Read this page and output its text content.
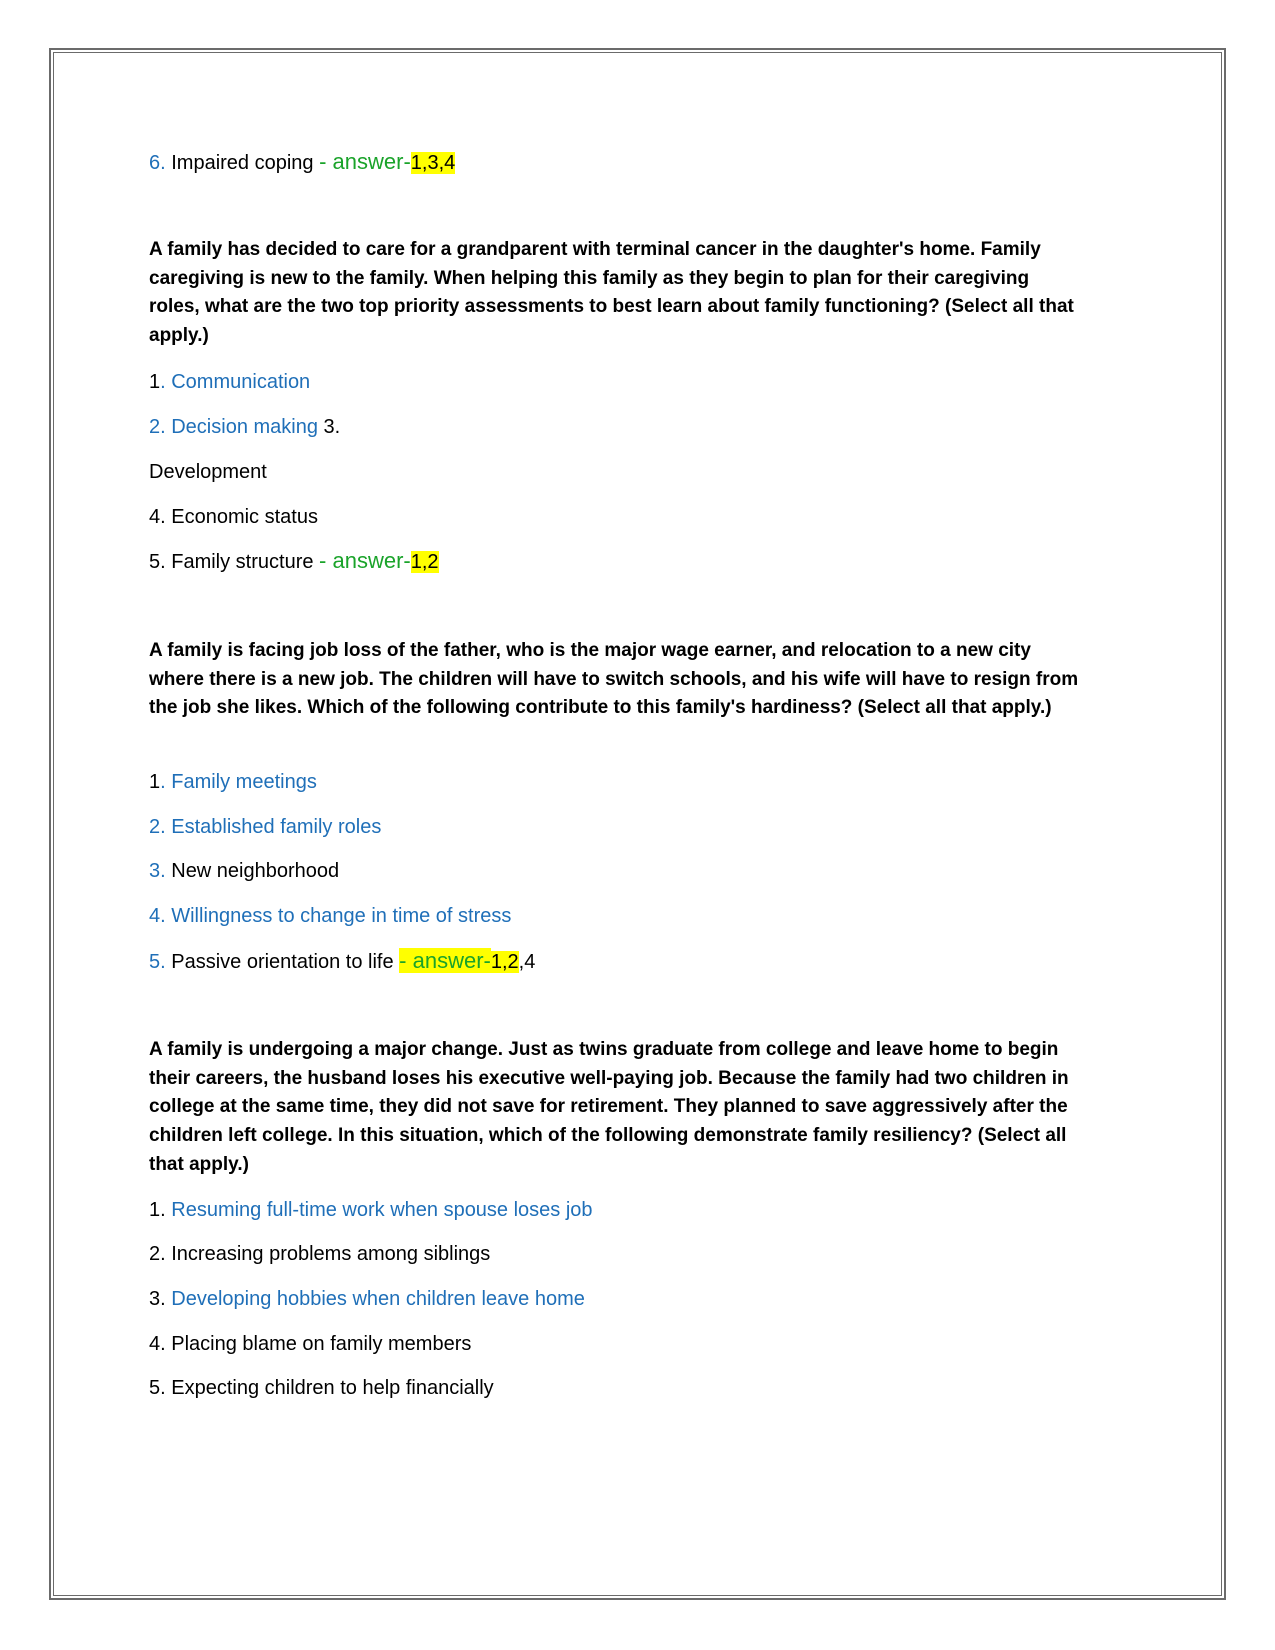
6. Impaired coping - answer-1,3,4

A family has decided to care for a grandparent with terminal cancer in the daughter's home. Family caregiving is new to the family. When helping this family as they begin to plan for their caregiving roles, what are the two top priority assessments to best learn about family functioning? (Select all that apply.)

1. Communication

2. Decision making 3.

Development

4. Economic status

5. Family structure - answer-1,2

A family is facing job loss of the father, who is the major wage earner, and relocation to a new city where there is a new job. The children will have to switch schools, and his wife will have to resign from the job she likes. Which of the following contribute to this family's hardiness? (Select all that apply.)

1. Family meetings

2. Established family roles

3. New neighborhood

4. Willingness to change in time of stress

5. Passive orientation to life - answer-1,2,4

A family is undergoing a major change. Just as twins graduate from college and leave home to begin their careers, the husband loses his executive well-paying job. Because the family had two children in college at the same time, they did not save for retirement. They planned to save aggressively after the children left college. In this situation, which of the following demonstrate family resiliency? (Select all that apply.)

1. Resuming full-time work when spouse loses job

2. Increasing problems among siblings

3. Developing hobbies when children leave home

4. Placing blame on family members

5. Expecting children to help financially
